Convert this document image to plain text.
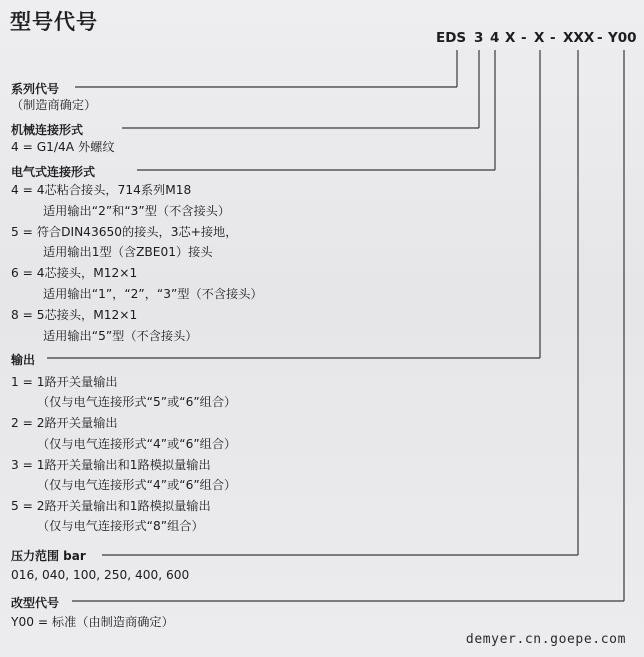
型号代号
EDS 3 4 X - X - XXX - Y00
系列代号
（制造商确定）
机械连接形式
4 = G1/4A 外螺纹
电气式连接形式
4 = 4芯粘合接头，714系列M18
适用输出“2”和“3”型（不含接头）
5 = 符合DIN43650的接头，3芯+接地，
适用输出1型（含ZBE01）接头
6 = 4芯接头，M12×1
适用输出“1”，“2”，“3”型（不含接头）
8 = 5芯接头，M12×1
适用输出“5”型（不含接头）
输出
1 = 1路开关量输出
（仅与电气连接形式“5”或“6”组合）
2 = 2路开关量输出
（仅与电气连接形式“4”或“6”组合）
3 = 1路开关量输出和1路模拟量输出
（仅与电气连接形式“4”或“6”组合）
5 = 2路开关量输出和1路模拟量输出
（仅与电气连接形式“8”组合）
压力范围 bar
016, 040, 100, 250, 400, 600
改型代号
Y00 = 标准（由制造商确定）
demyer.cn.goepe.com
